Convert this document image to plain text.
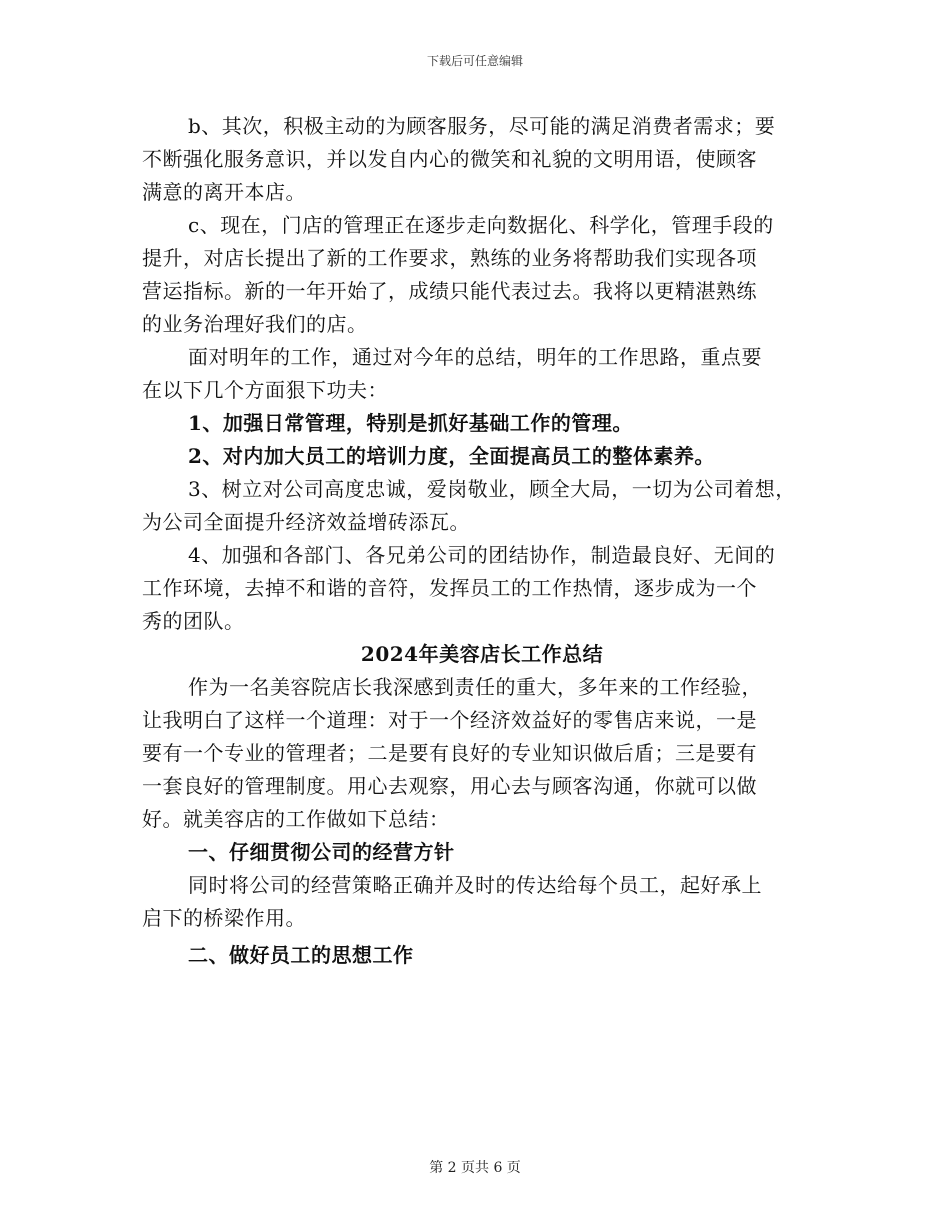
下载后可任意编辑

b、其次，积极主动的为顾客服务，尽可能的满足消费者需求；要

不断强化服务意识，并以发自内心的微笑和礼貌的文明用语，使顾客

满意的离开本店。

c、现在，门店的管理正在逐步走向数据化、科学化，管理手段的

提升，对店长提出了新的工作要求，熟练的业务将帮助我们实现各项

营运指标。新的一年开始了，成绩只能代表过去。我将以更精湛熟练

的业务治理好我们的店。

面对明年的工作，通过对今年的总结，明年的工作思路，重点要

在以下几个方面狠下功夫：

1、加强日常管理，特别是抓好基础工作的管理。

2、对内加大员工的培训力度，全面提高员工的整体素养。

3、树立对公司高度忠诚，爱岗敬业，顾全大局，一切为公司着想，

为公司全面提升经济效益增砖添瓦。

4、加强和各部门、各兄弟公司的团结协作，制造最良好、无间的

工作环境，去掉不和谐的音符，发挥员工的工作热情，逐步成为一个

秀的团队。

2024年美容店长工作总结

作为一名美容院店长我深感到责任的重大，多年来的工作经验，

让我明白了这样一个道理：对于一个经济效益好的零售店来说，一是

要有一个专业的管理者；二是要有良好的专业知识做后盾；三是要有

一套良好的管理制度。用心去观察，用心去与顾客沟通，你就可以做

好。就美容店的工作做如下总结：

一、仔细贯彻公司的经营方针

同时将公司的经营策略正确并及时的传达给每个员工，起好承上

启下的桥梁作用。

二、做好员工的思想工作

第 2 页共 6 页
